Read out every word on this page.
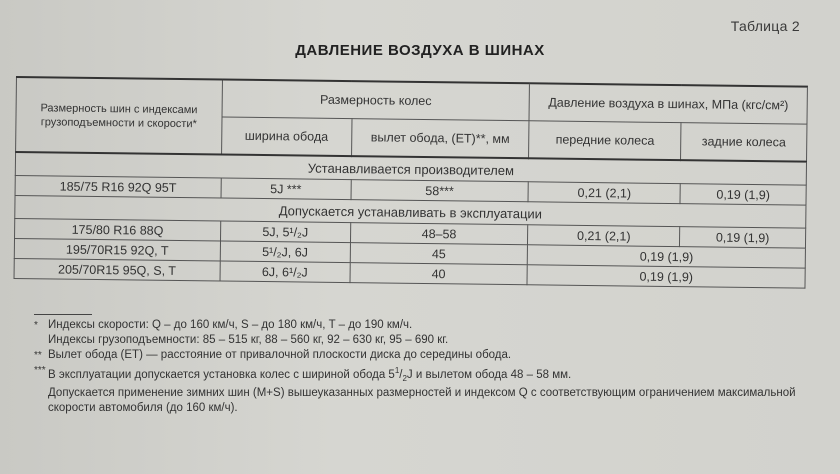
Таблица 2
ДАВЛЕНИЕ ВОЗДУХА В ШИНАХ
Размерность шин с индексами грузоподъемности и скорости*	Размерность колес		Давление воздуха в шинах, МПа (кгс/см²)	
	ширина обода	вылет обода, (ET)**, мм	передние колеса	задние колеса
Устанавливается производителем				
185/75 R16 92Q 95T	5J ***	58***	0,21 (2,1)	0,19 (1,9)
Допускается устанавливать в эксплуатации				
175/80 R16 88Q	5J, 5¹/₂J	48–58	0,21 (2,1)	0,19 (1,9)
195/70R15 92Q, T	5¹/₂J, 6J	45	0,19 (1,9)	
205/70R15 95Q, S, T	6J, 6¹/₂J	40	0,19 (1,9)	
* Индексы скорости: Q – до 160 км/ч, S – до 180 км/ч, T – до 190 км/ч.
Индексы грузоподъемности: 85 – 515 кг, 88 – 560 кг, 92 – 630 кг, 95 – 690 кг.
** Вылет обода (ET) — расстояние от привалочной плоскости диска до середины обода.
*** В эксплуатации допускается установка колес с шириной обода $5^1/_2J$ и вылетом обода 48 – 58 мм.
Допускается применение зимних шин (M+S) вышеуказанных размерностей и индексом Q с соответствующим ограничением максимальной
скорости автомобиля (до 160 км/ч).
